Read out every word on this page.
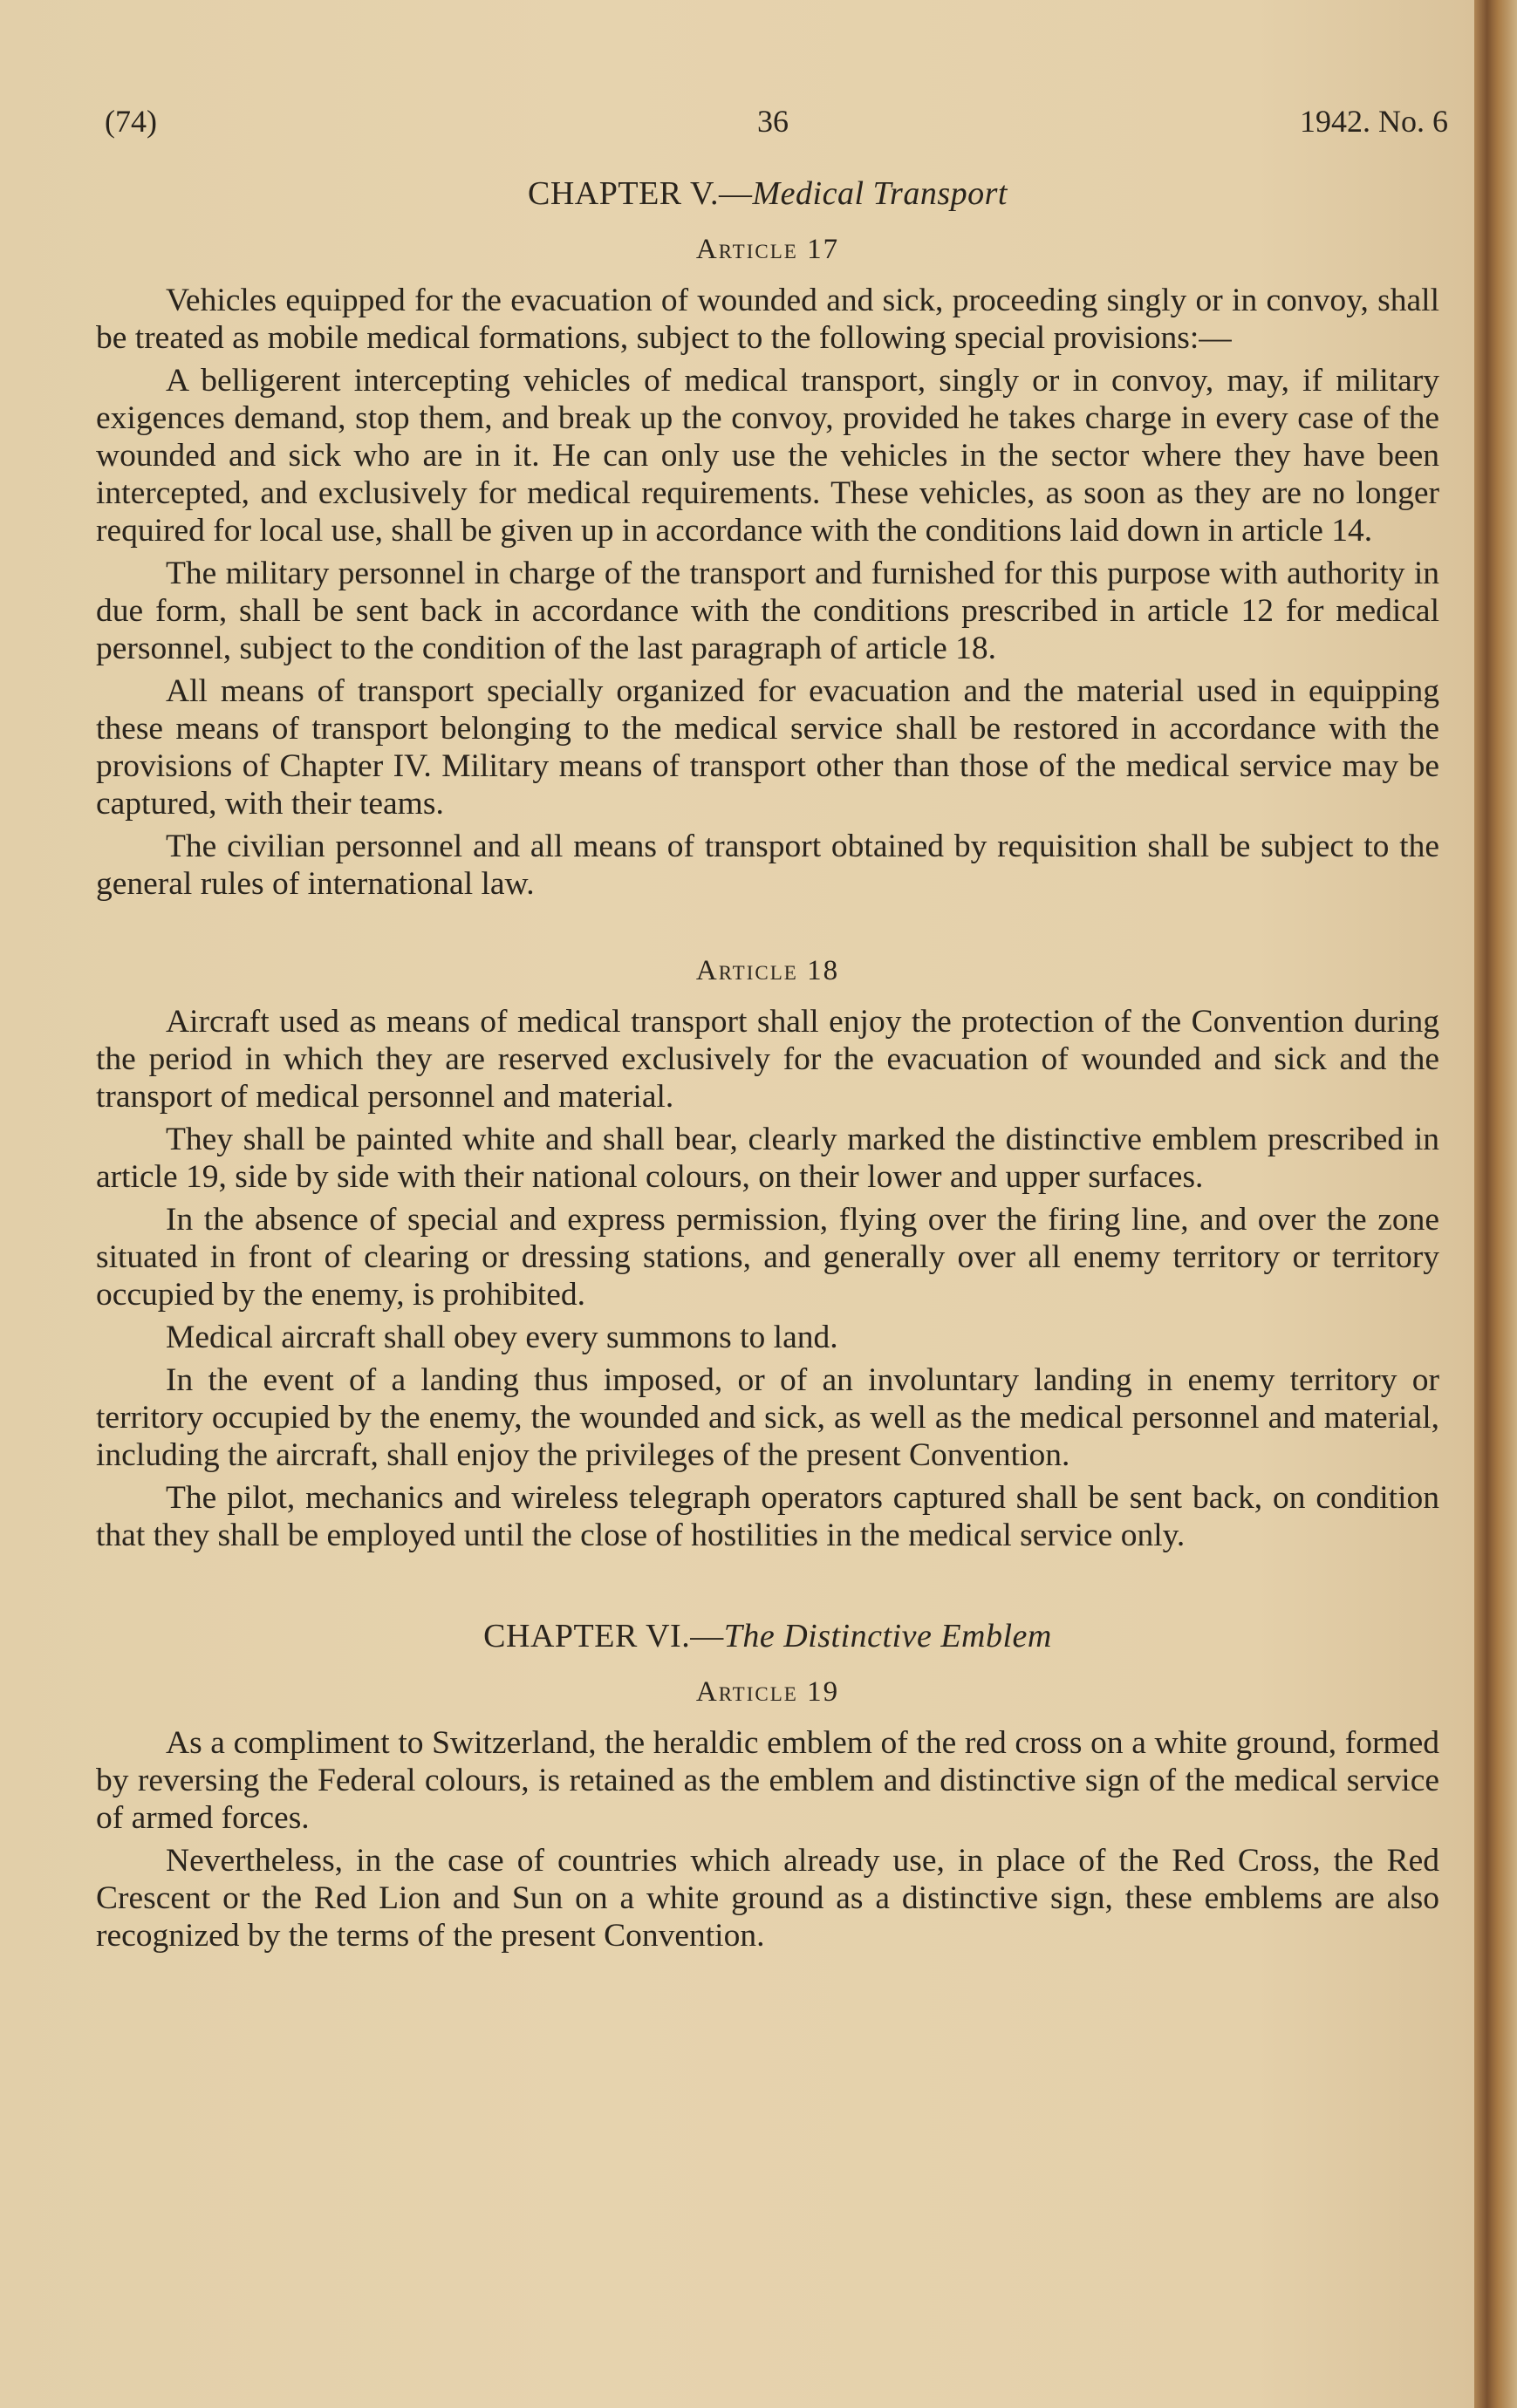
(74)	36	1942. No. 6
CHAPTER V.—Medical Transport
Article 17

Vehicles equipped for the evacuation of wounded and sick, proceeding singly or in convoy, shall be treated as mobile medical formations, subject to the following special provisions:—

A belligerent intercepting vehicles of medical transport, singly or in convoy, may, if military exigences demand, stop them, and break up the convoy, provided he takes charge in every case of the wounded and sick who are in it. He can only use the vehicles in the sector where they have been intercepted, and exclusively for medical requirements. These vehicles, as soon as they are no longer required for local use, shall be given up in accordance with the conditions laid down in article 14.

The military personnel in charge of the transport and furnished for this purpose with authority in due form, shall be sent back in accordance with the conditions prescribed in article 12 for medical personnel, subject to the condition of the last paragraph of article 18.

All means of transport specially organized for evacuation and the material used in equipping these means of transport belonging to the medical service shall be restored in accordance with the provisions of Chapter IV. Military means of transport other than those of the medical service may be captured, with their teams.

The civilian personnel and all means of transport obtained by requisition shall be subject to the general rules of international law.

Article 18

Aircraft used as means of medical transport shall enjoy the protection of the Convention during the period in which they are reserved exclusively for the evacuation of wounded and sick and the transport of medical personnel and material.

They shall be painted white and shall bear, clearly marked the distinctive emblem prescribed in article 19, side by side with their national colours, on their lower and upper surfaces.

In the absence of special and express permission, flying over the firing line, and over the zone situated in front of clearing or dressing stations, and generally over all enemy territory or territory occupied by the enemy, is prohibited.

Medical aircraft shall obey every summons to land.

In the event of a landing thus imposed, or of an involuntary landing in enemy territory or territory occupied by the enemy, the wounded and sick, as well as the medical personnel and material, including the aircraft, shall enjoy the privileges of the present Convention.

The pilot, mechanics and wireless telegraph operators captured shall be sent back, on condition that they shall be employed until the close of hostilities in the medical service only.

CHAPTER VI.—The Distinctive Emblem
Article 19

As a compliment to Switzerland, the heraldic emblem of the red cross on a white ground, formed by reversing the Federal colours, is retained as the emblem and distinctive sign of the medical service of armed forces.

Nevertheless, in the case of countries which already use, in place of the Red Cross, the Red Crescent or the Red Lion and Sun on a white ground as a distinctive sign, these emblems are also recognized by the terms of the present Convention.
